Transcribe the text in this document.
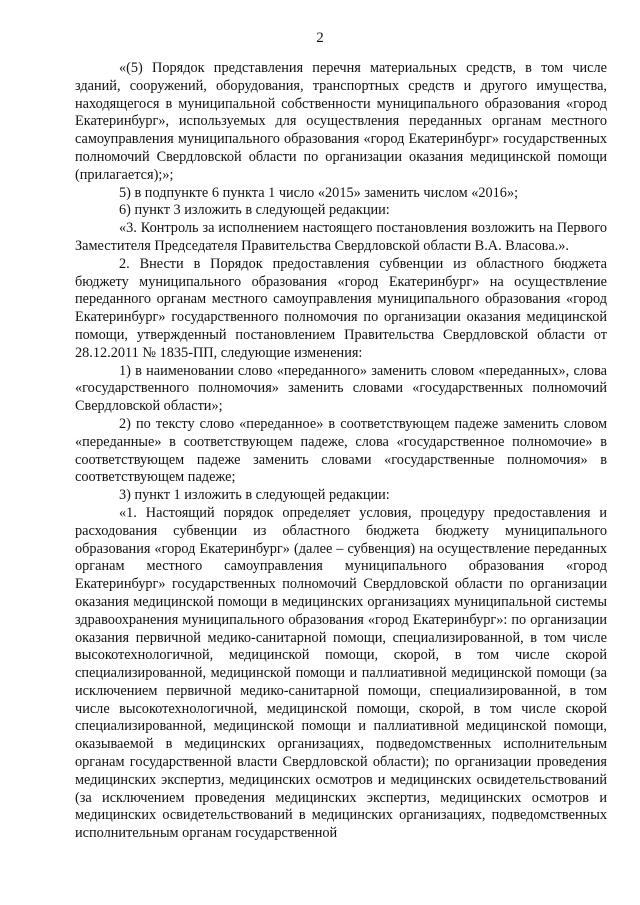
2

«(5) Порядок представления перечня материальных средств, в том числе зданий, сооружений, оборудования, транспортных средств и другого имущества, находящегося в муниципальной собственности муниципального образования «город Екатеринбург», используемых для осуществления переданных органам местного самоуправления муниципального образования «город Екатеринбург» государственных полномочий Свердловской области по организации оказания медицинской помощи (прилагается);»;

5) в подпункте 6 пункта 1 число «2015» заменить числом «2016»;

6) пункт 3 изложить в следующей редакции:

«3. Контроль за исполнением настоящего постановления возложить на Первого Заместителя Председателя Правительства Свердловской области В.А. Власова.».

2. Внести в Порядок предоставления субвенции из областного бюджета бюджету муниципального образования «город Екатеринбург» на осуществление переданного органам местного самоуправления муниципального образования «город Екатеринбург» государственного полномочия по организации оказания медицинской помощи, утвержденный постановлением Правительства Свердловской области от 28.12.2011 № 1835-ПП, следующие изменения:

1) в наименовании слово «переданного» заменить словом «переданных», слова «государственного полномочия» заменить словами «государственных полномочий Свердловской области»;

2) по тексту слово «переданное» в соответствующем падеже заменить словом «переданные» в соответствующем падеже, слова «государственное полномочие» в соответствующем падеже заменить словами «государственные полномочия» в соответствующем падеже;

3) пункт 1 изложить в следующей редакции:

«1. Настоящий порядок определяет условия, процедуру предоставления и расходования субвенции из областного бюджета бюджету муниципального образования «город Екатеринбург» (далее – субвенция) на осуществление переданных органам местного самоуправления муниципального образования «город Екатеринбург» государственных полномочий Свердловской области по организации оказания медицинской помощи в медицинских организациях муниципальной системы здравоохранения муниципального образования «город Екатеринбург»: по организации оказания первичной медико-санитарной помощи, специализированной, в том числе высокотехнологичной, медицинской помощи, скорой, в том числе скорой специализированной, медицинской помощи и паллиативной медицинской помощи (за исключением первичной медико-санитарной помощи, специализированной, в том числе высокотехнологичной, медицинской помощи, скорой, в том числе скорой специализированной, медицинской помощи и паллиативной медицинской помощи, оказываемой в медицинских организациях, подведомственных исполнительным органам государственной власти Свердловской области); по организации проведения медицинских экспертиз, медицинских осмотров и медицинских освидетельствований (за исключением проведения медицинских экспертиз, медицинских осмотров и медицинских освидетельствований в медицинских организациях, подведомственных исполнительным органам государственной
